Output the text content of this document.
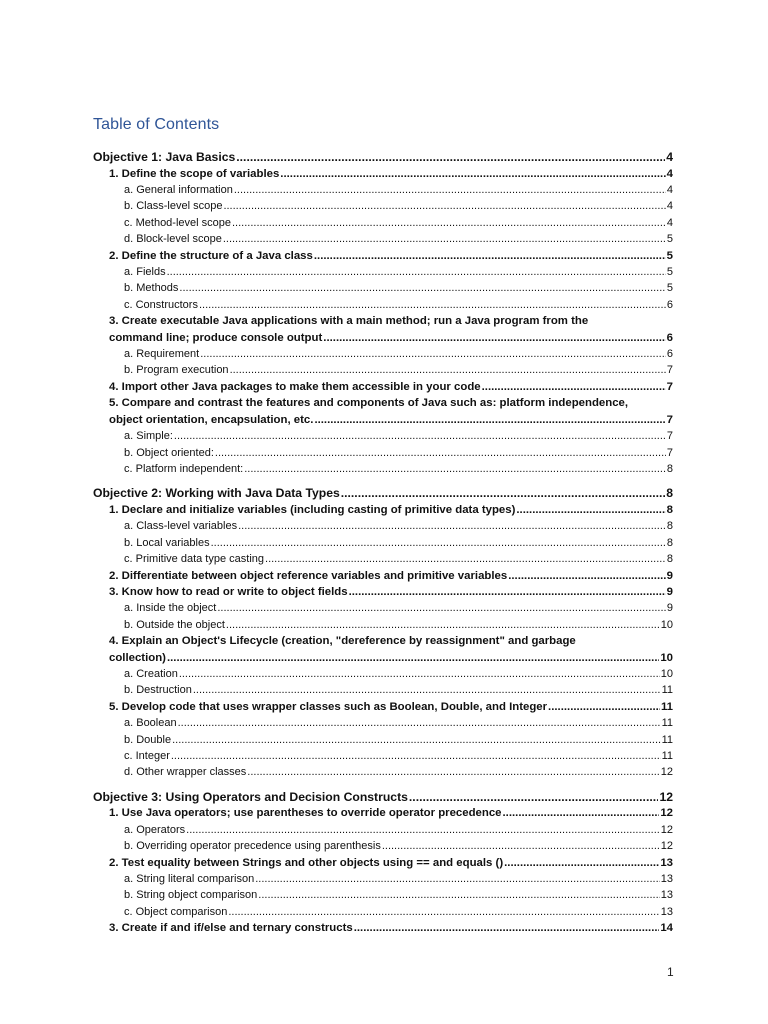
Table of Contents
Objective 1: Java Basics .....	4
1. Define the scope of variables .....	4
a. General information .....	4
b. Class-level scope .....	4
c. Method-level scope .....	4
d. Block-level scope .....	5
2. Define the structure of a Java class .....	5
a. Fields .....	5
b. Methods .....	5
c. Constructors .....	6
3. Create executable Java applications with a main method; run a Java program from the
command line; produce console output .....	6
a. Requirement .....	6
b. Program execution .....	7
4. Import other Java packages to make them accessible in your code .....	7
5. Compare and contrast the features and components of Java such as: platform independence,
object orientation, encapsulation, etc. .....	7
a. Simple: .....	7
b. Object oriented: .....	7
c. Platform independent: .....	8
Objective 2: Working with Java Data Types .....	8
1. Declare and initialize variables (including casting of primitive data types) .....	8
a. Class-level variables .....	8
b. Local variables .....	8
c. Primitive data type casting .....	8
2. Differentiate between object reference variables and primitive variables .....	9
3. Know how to read or write to object fields .....	9
a. Inside the object .....	9
b. Outside the object .....	10
4. Explain an Object's Lifecycle (creation, "dereference by reassignment" and garbage
collection) .....	10
a. Creation .....	10
b. Destruction .....	11
5. Develop code that uses wrapper classes such as Boolean, Double, and Integer .....	11
a. Boolean .....	11
b. Double .....	11
c. Integer .....	11
d. Other wrapper classes .....	12
Objective 3: Using Operators and Decision Constructs .....	12
1. Use Java operators; use parentheses to override operator precedence .....	12
a. Operators .....	12
b. Overriding operator precedence using parenthesis .....	12
2. Test equality between Strings and other objects using == and equals () .....	13
a. String literal comparison .....	13
b. String object comparison .....	13
c. Object comparison .....	13
3. Create if and if/else and ternary constructs .....	14
1
